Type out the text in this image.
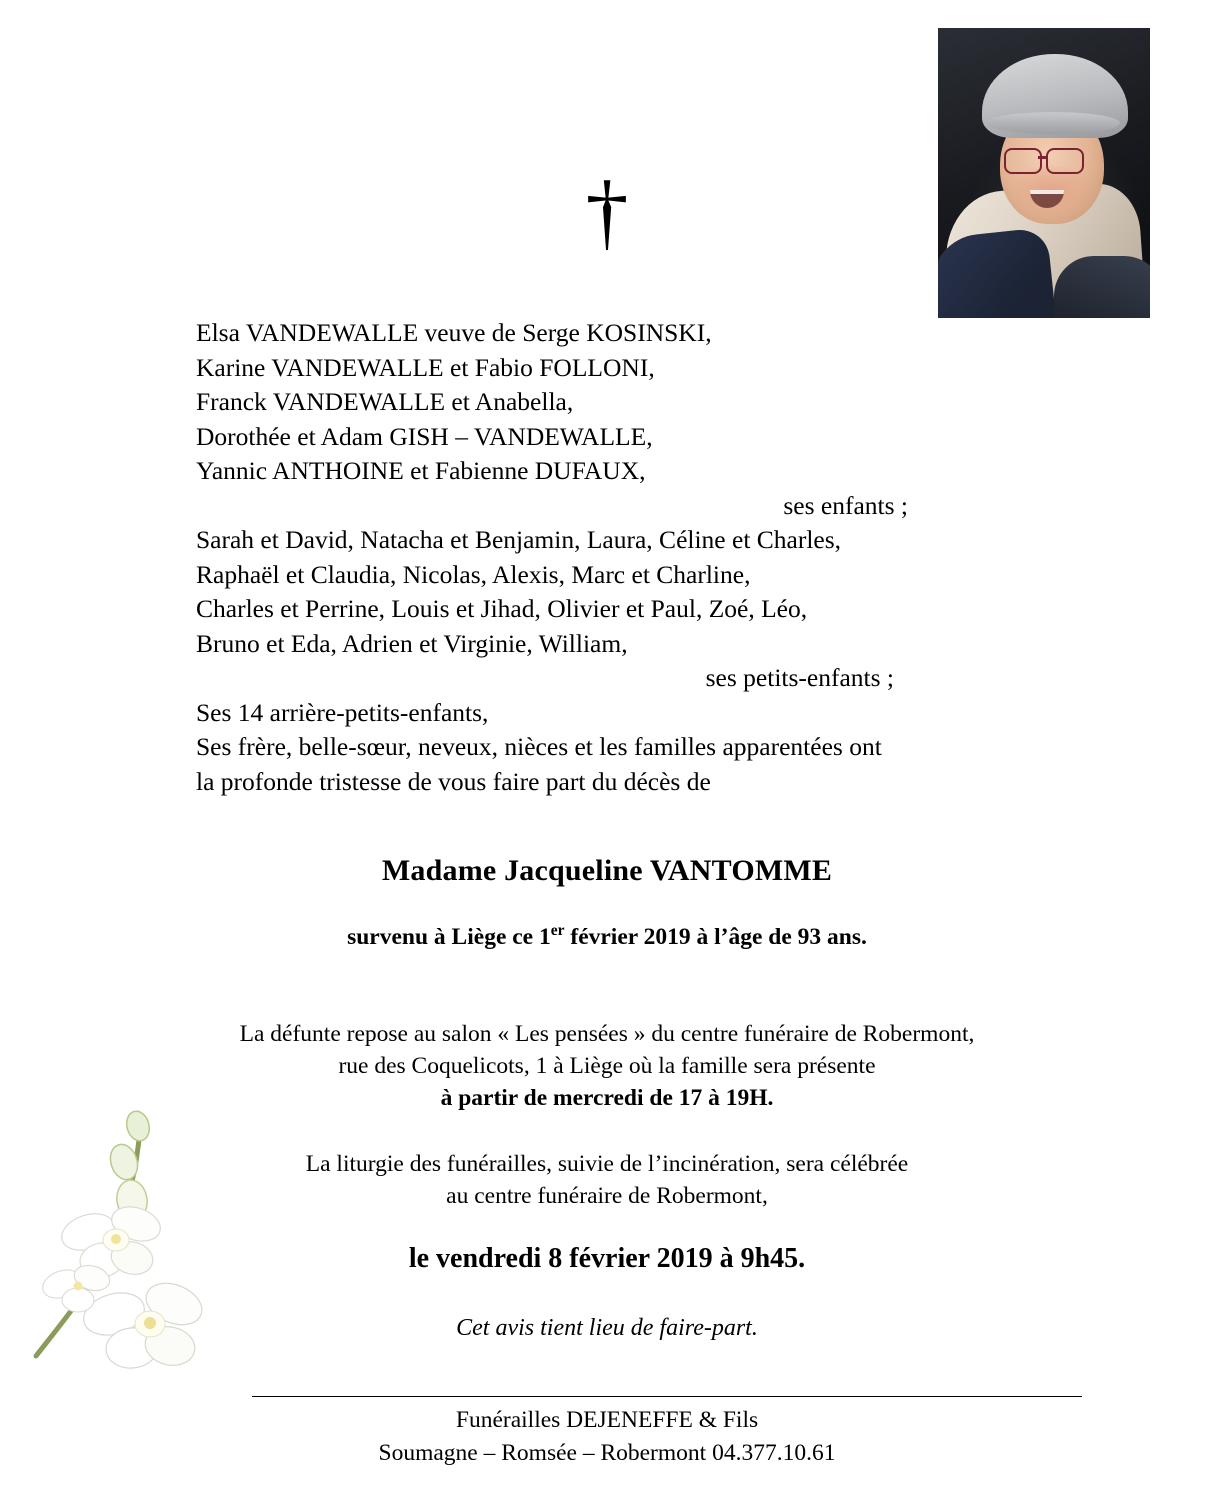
†
Elsa VANDEWALLE veuve de Serge KOSINSKI,
Karine VANDEWALLE et Fabio FOLLONI,
Franck VANDEWALLE et Anabella,
Dorothée et Adam GISH – VANDEWALLE,
Yannic ANTHOINE et Fabienne DUFAUX,
ses enfants ;
Sarah et David, Natacha et Benjamin, Laura, Céline et Charles,
Raphaël et Claudia, Nicolas, Alexis, Marc et Charline,
Charles et Perrine, Louis et Jihad, Olivier et Paul, Zoé, Léo,
Bruno et Eda, Adrien et Virginie, William,
ses petits-enfants ;
Ses 14 arrière-petits-enfants,
Ses frère, belle-sœur, neveux, nièces et les familles apparentées ont
la profonde tristesse de vous faire part du décès de
Madame Jacqueline VANTOMME
survenu à Liège ce 1er février 2019 à l’âge de 93 ans.
La défunte repose au salon « Les pensées » du centre funéraire de Robermont,
rue des Coquelicots, 1 à Liège où la famille sera présente
à partir de mercredi de 17 à 19H.
La liturgie des funérailles, suivie de l’incinération, sera célébrée
au centre funéraire de Robermont,
le vendredi 8 février 2019 à 9h45.
Cet avis tient lieu de faire-part.
Funérailles DEJENEFFE & Fils
Soumagne – Romsée – Robermont 04.377.10.61
